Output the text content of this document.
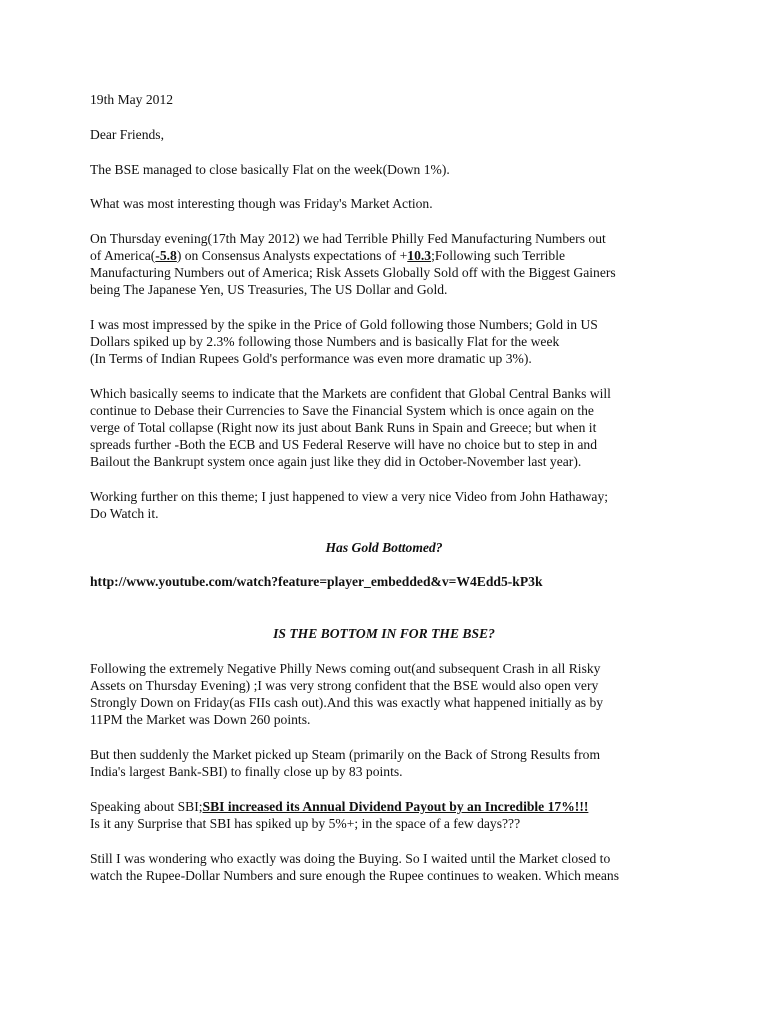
19th May 2012
Dear Friends,
The BSE managed to close basically Flat on the week(Down 1%).
What was most interesting though was Friday's Market Action.
On Thursday evening(17th May 2012) we had Terrible Philly Fed Manufacturing Numbers out
of America(-5.8) on Consensus Analysts expectations of +10.3;Following such Terrible
Manufacturing Numbers out of America; Risk Assets Globally Sold off with the Biggest Gainers
being The Japanese Yen, US Treasuries, The US Dollar and Gold.
I was most impressed by the spike in the Price of Gold following those Numbers; Gold in US
Dollars spiked up by 2.3% following those Numbers and is basically Flat for the week
(In Terms of Indian Rupees Gold's performance was even more dramatic up 3%).
Which basically seems to indicate that the Markets are confident that Global Central Banks will
continue to Debase their Currencies to Save the Financial System which is once again on the
verge of Total collapse (Right now its just about Bank Runs in Spain and Greece; but when it
spreads further -Both the ECB and US Federal Reserve will have no choice but to step in and
Bailout the Bankrupt system once again just like they did in October-November last year).
Working further on this theme; I just happened to view a very nice Video from John Hathaway;
Do Watch it.
Has Gold Bottomed?
http://www.youtube.com/watch?feature=player_embedded&v=W4Edd5-kP3k
IS THE BOTTOM IN FOR THE BSE?
Following the extremely Negative Philly News coming out(and subsequent Crash in all Risky
Assets on Thursday Evening) ;I was very strong confident that the BSE would also open very
Strongly Down on Friday(as FIIs cash out).And this was exactly what happened initially as by
11PM the Market was Down 260 points.
But then suddenly the Market picked up Steam (primarily on the Back of Strong Results from
India's largest Bank-SBI) to finally close up by 83 points.
Speaking about SBI;SBI increased its Annual Dividend Payout by an Incredible 17%!!!
Is it any Surprise that SBI has spiked up by 5%+; in the space of a few days???
Still I was wondering who exactly was doing the Buying. So I waited until the Market closed to
watch the Rupee-Dollar Numbers and sure enough the Rupee continues to weaken. Which means
